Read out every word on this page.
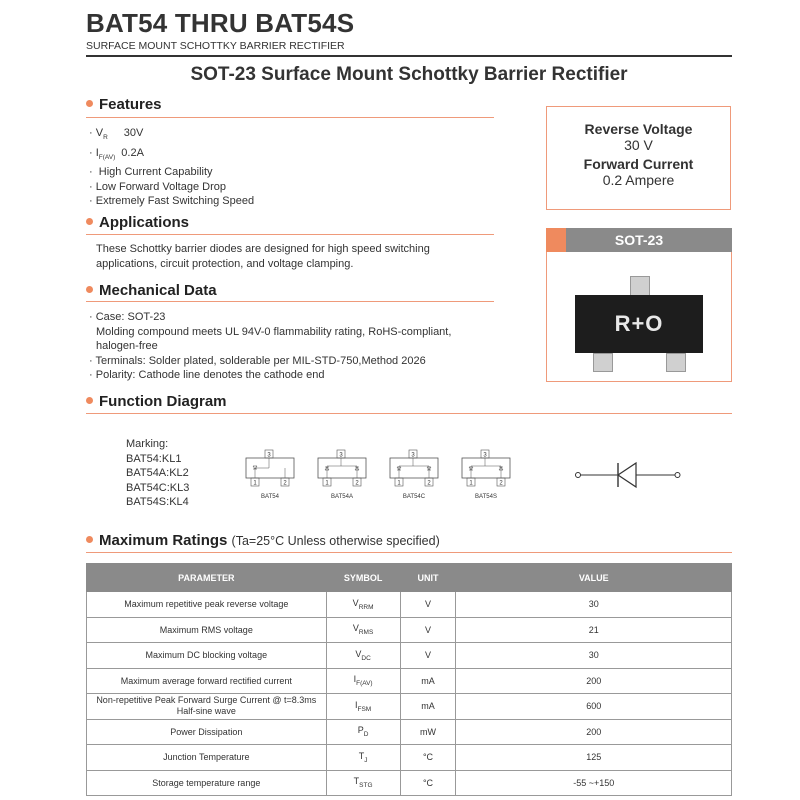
BAT54 THRU BAT54S
SURFACE MOUNT SCHOTTKY BARRIER RECTIFIER
SOT-23 Surface Mount Schottky Barrier Rectifier
Features
· $V_R$ 30V
· $I_{F(AV)}$ 0.2A
· High Current Capability
· Low Forward Voltage Drop
· Extremely Fast Switching Speed
Applications
These Schottky barrier diodes are designed for high speed switching
applications, circuit protection, and voltage clamping.
Mechanical Data
· Case: SOT-23
Molding compound meets UL 94V-0 flammability rating, RoHS-compliant,
halogen-free
· Terminals: Solder plated, solderable per MIL-STD-750,Method 2026
· Polarity: Cathode line denotes the cathode end
Function Diagram
Marking:
BAT54:KL1
BAT54A:KL2
BAT54C:KL3
BAT54S:KL4
3
1	2
3
1	2
3
1	2
3
1	2
BAT54	BAT54A	BAT54C	BAT54S
Reverse Voltage
30 V
Forward Current
0.2 Ampere
SOT-23
R+O
Maximum Ratings (Ta=25°C Unless otherwise specified)
PARAMETER	SYMBOL	UNIT	VALUE
Maximum repetitive peak reverse voltage	$V_{RRM}$	V	30
Maximum RMS voltage	$V_{RMS}$	V	21
Maximum DC blocking voltage	$V_{DC}$	V	30
Maximum average forward rectified current	$I_{F(AV)}$	mA	200
Non-repetitive Peak Forward Surge Current @ t=8.3ms Half-sine wave	$I_{FSM}$	mA	600
Power Dissipation	$P_D$	mW	200
Junction Temperature	$T_J$	°C	125
Storage temperature range	$T_{STG}$	°C	-55 ~+150
